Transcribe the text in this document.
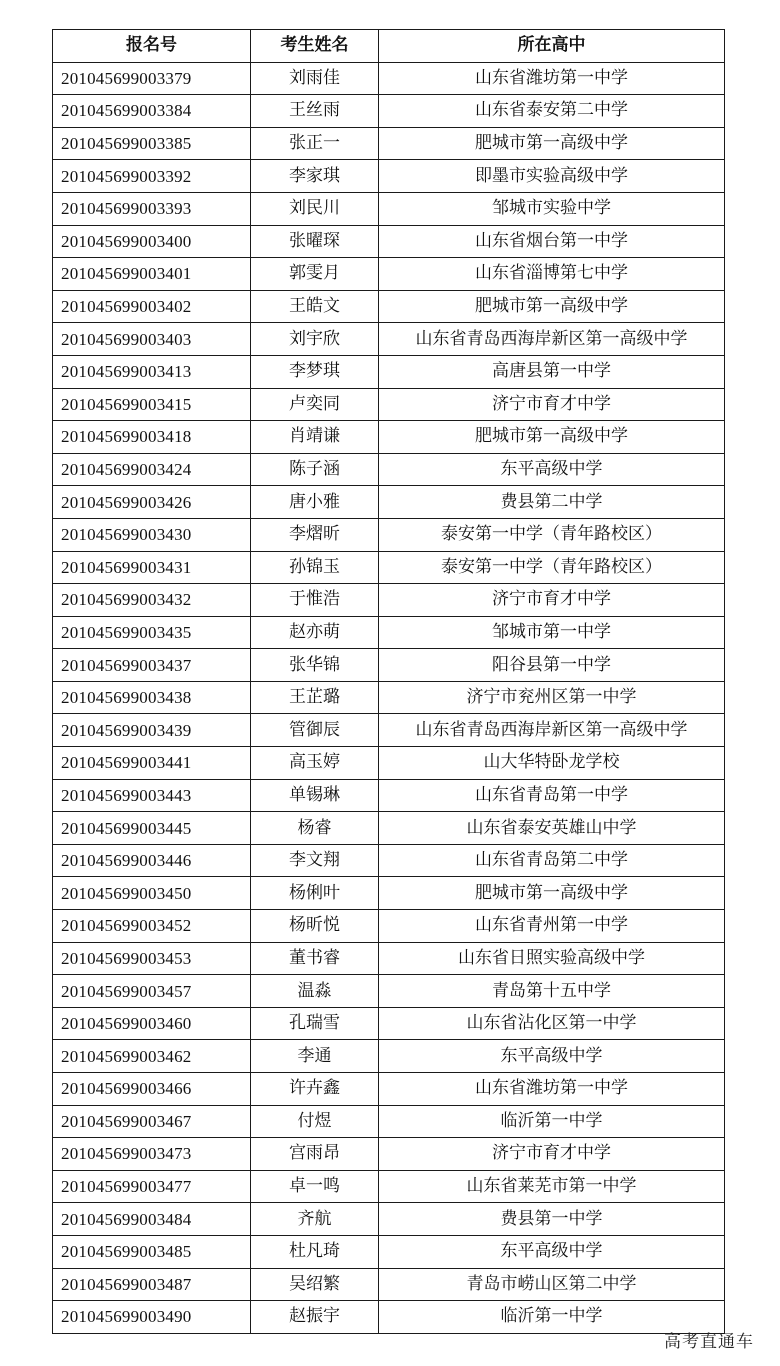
报名号	考生姓名	所在高中
201045699003379	刘雨佳	山东省潍坊第一中学
201045699003384	王丝雨	山东省泰安第二中学
201045699003385	张正一	肥城市第一高级中学
201045699003392	李家琪	即墨市实验高级中学
201045699003393	刘民川	邹城市实验中学
201045699003400	张曜琛	山东省烟台第一中学
201045699003401	郭雯月	山东省淄博第七中学
201045699003402	王皓文	肥城市第一高级中学
201045699003403	刘宇欣	山东省青岛西海岸新区第一高级中学
201045699003413	李梦琪	高唐县第一中学
201045699003415	卢奕同	济宁市育才中学
201045699003418	肖靖谦	肥城市第一高级中学
201045699003424	陈子涵	东平高级中学
201045699003426	唐小雅	费县第二中学
201045699003430	李熠昕	泰安第一中学（青年路校区）
201045699003431	孙锦玉	泰安第一中学（青年路校区）
201045699003432	于惟浩	济宁市育才中学
201045699003435	赵亦萌	邹城市第一中学
201045699003437	张华锦	阳谷县第一中学
201045699003438	王芷璐	济宁市兖州区第一中学
201045699003439	管御辰	山东省青岛西海岸新区第一高级中学
201045699003441	高玉婷	山大华特卧龙学校
201045699003443	单锡琳	山东省青岛第一中学
201045699003445	杨睿	山东省泰安英雄山中学
201045699003446	李文翔	山东省青岛第二中学
201045699003450	杨俐叶	肥城市第一高级中学
201045699003452	杨昕悦	山东省青州第一中学
201045699003453	董书睿	山东省日照实验高级中学
201045699003457	温淼	青岛第十五中学
201045699003460	孔瑞雪	山东省沾化区第一中学
201045699003462	李通	东平高级中学
201045699003466	许卉鑫	山东省潍坊第一中学
201045699003467	付煜	临沂第一中学
201045699003473	宫雨昂	济宁市育才中学
201045699003477	卓一鸣	山东省莱芜市第一中学
201045699003484	齐航	费县第一中学
201045699003485	杜凡琦	东平高级中学
201045699003487	吴绍繁	青岛市崂山区第二中学
201045699003490	赵振宇	临沂第一中学
高考直通车
